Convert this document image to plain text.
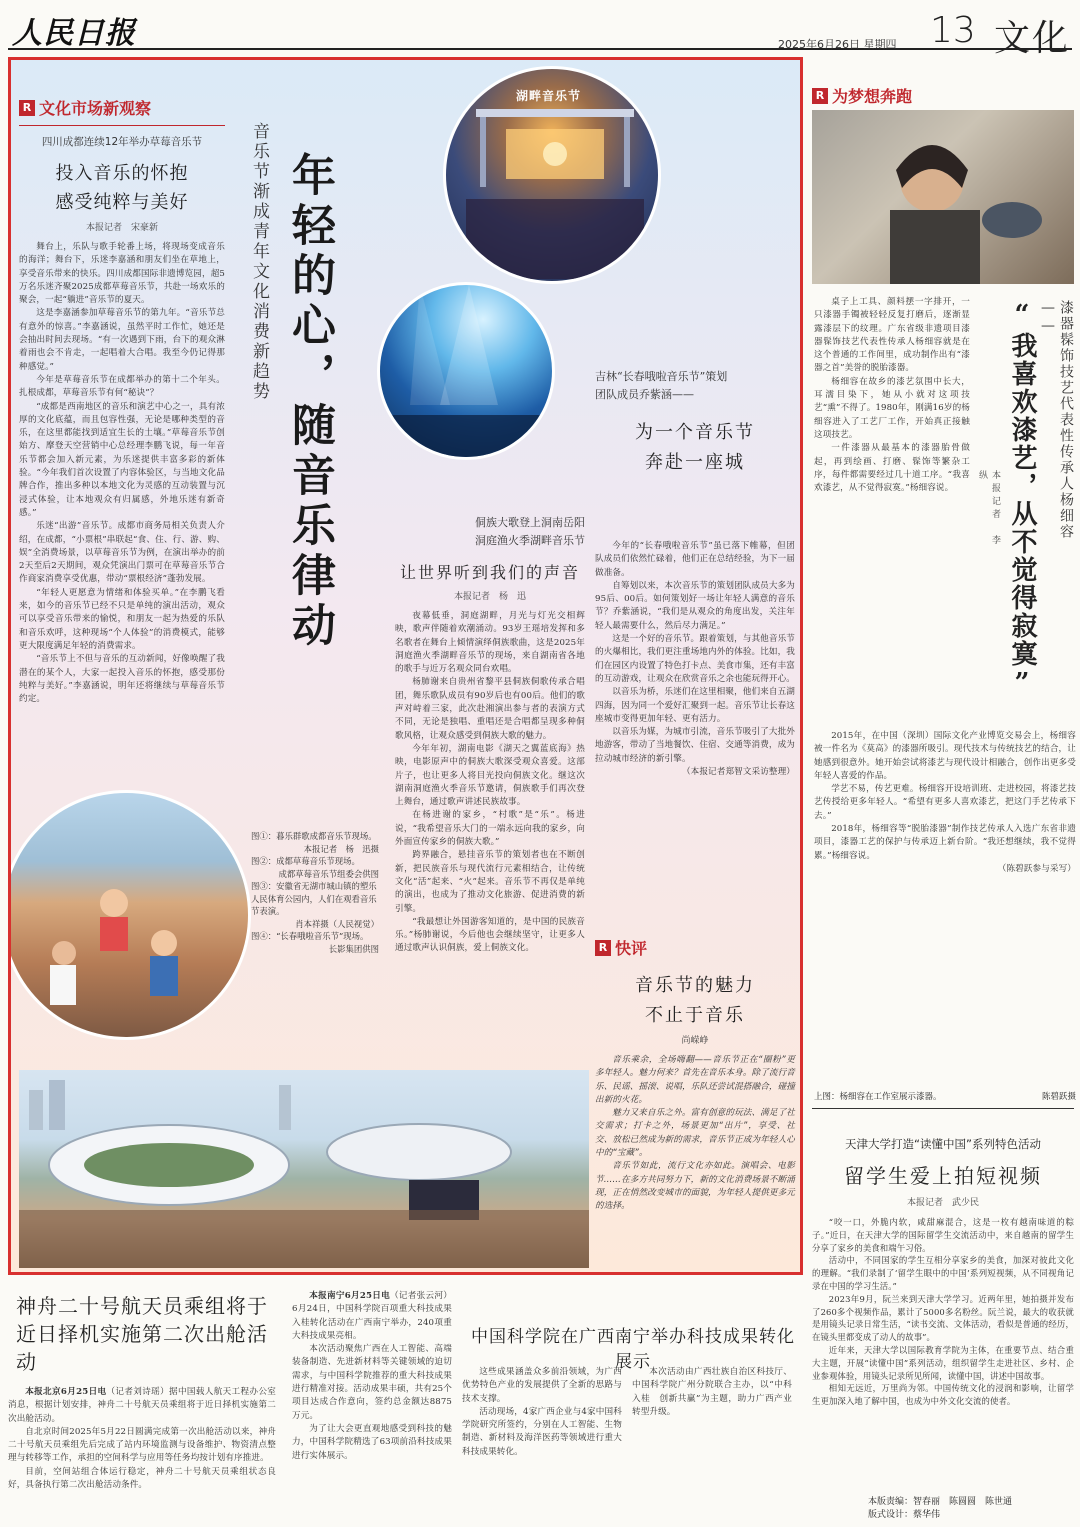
人民日报	2025年6月26日 星期四 13 文化
R 文化市场新观察
四川成都连续12年举办草莓音乐节
投入音乐的怀抱
感受纯粹与美好
本报记者　宋豪新

舞台上，乐队与歌手轮番上场，将现场变成音乐的海洋；舞台下，乐迷李嘉涵和朋友们坐在草地上，享受音乐带来的快乐。四川成都国际非遗博览园，超5万名乐迷齐聚2025成都草莓音乐节，共赴一场欢乐的聚会，一起“躺进”音乐节的夏天。

这是李嘉涵参加草莓音乐节的第九年。“音乐节总有意外的惊喜。”李嘉涵说，虽然平时工作忙，她还是会抽出时间去现场。“有一次遇到下雨，台下的观众淋着雨也会不肯走，一起唱着大合唱。我至今仍记得那种感觉。”

今年是草莓音乐节在成都举办的第十二个年头。扎根成都，草莓音乐节有何“秘诀”？

“成都是西南地区的音乐和演艺中心之一，具有浓厚的文化底蕴，而且包容性强，无论是哪种类型的音乐，在这里都能找到适宜生长的土壤。”草莓音乐节创始方、摩登天空营销中心总经理李鹏飞说，每一年音乐节都会加入新元素，为乐迷提供丰富多彩的新体验。“今年我们首次设置了内容体验区，与当地文化品牌合作，推出多种以本地文化为灵感的互动装置与沉浸式体验，让本地观众有归属感，外地乐迷有新奇感。”

乐迷“出游”音乐节。成都市商务局相关负责人介绍，在成都，“小票根”串联起“食、住、行、游、购、娱”全消费场景，以草莓音乐节为例，在演出举办的前2天至后2天期间，观众凭演出门票可在草莓音乐节合作商家消费享受优惠，带动“票根经济”蓬勃发展。

“年轻人更愿意为情绪和体验买单。”在李鹏飞看来，如今的音乐节已经不只是单纯的演出活动，观众可以享受音乐带来的愉悦，和朋友一起为热爱的乐队和音乐欢呼，这种现场“个人体验”的消费模式，能够更大限度满足年轻的消费需求。

“音乐节上不但与音乐的互动新闻，好像唤醒了我潜在的某个人，大家一起投入音乐的怀抱，感受那份纯粹与美好。”李嘉涵说，明年还将继续与草莓音乐节约定。

音乐节渐成青年文化消费新趋势 年轻的心，随音乐律动
湖畔音乐节
吉林“长春哦啦音乐节”策划
团队成员乔紫涵——
为一个音乐节
奔赴一座城

今年的“长春哦啦音乐节”虽已落下帷幕，但团队成员们依然忙碌着，他们正在总结经验，为下一届做准备。

自筹划以来，本次音乐节的策划团队成员大多为95后、00后。如何策划好一场让年轻人满意的音乐节？乔紫涵说，“我们是从观众的角度出发，关注年轻人最需要什么，然后尽力满足。”

这是一个好的音乐节。跟着策划，与其他音乐节的火爆相比，我们更注重场地内外的体验。比如，我们在园区内设置了特色打卡点、美食市集，还有丰富的互动游戏，让观众在欣赏音乐之余也能玩得开心。

以音乐为桥，乐迷们在这里相聚，他们来自五湖四海，因为同一个爱好汇聚到一起。音乐节让长春这座城市变得更加年轻、更有活力。

以音乐为媒，为城市引流，音乐节吸引了大批外地游客，带动了当地餐饮、住宿、交通等消费，成为拉动城市经济的新引擎。

（本报记者郑智文采访整理）

R 快评
音乐节的魅力
不止于音乐
尚嵘峥

音乐乘余，全场嗨翻——音乐节正在“圈粉”更多年轻人。魅力何来？首先在音乐本身。除了流行音乐、民谣、摇滚、说唱，乐队还尝试混搭融合，碰撞出新的火花。

魅力又来自乐之外。富有创意的玩法、满足了社交需求；打卡之外，场景更加“出片”，享受、社交、放松已然成为新的需求，音乐节正成为年轻人心中的“宝藏”。

音乐节如此，流行文化亦如此。演唱会、电影节……在多方共同努力下，新的文化消费场景不断涌现，正在悄然改变城市的面貌，为年轻人提供更多元的选择。

侗族大歌登上洞南岳阳
洞庭渔火季湖畔音乐节
让世界听到我们的声音
本报记者　杨　迅

夜幕低垂，洞庭湖畔，月光与灯光交相辉映，歌声伴随着欢潮涌动。93岁王瑶培发挥和多名歌者在舞台上倾情演绎侗族歌曲，这是2025年洞庭渔火季湖畔音乐节的现场，来自湖南省各地的歌手与近万名观众同台欢唱。

杨肺谢来自贵州省黎平县侗族侗歌传承合唱团，舞乐歌队成员有90岁后也有00后。他们的歌声对峙着三家，此次赴湘演出参与者的表演方式不同，无论是独唱、重唱还是合唱都呈现多种侗歌风格，让观众感受到侗族大歌的魅力。

今年年初，湖南电影《湖天之翼蓝底海》热映，电影原声中的侗族大歌深受观众喜爱。这部片子，也让更多人将目光投向侗族文化。继这次湖南洞庭渔火季音乐节邀请，侗族歌手们再次登上舞台，通过歌声讲述民族故事。

在杨进谢的家乡，“村歌”是“乐”。杨进说，“我希望音乐大门的一端永远向我的家乡，向外面宣传家乡的侗族大歌。”

跨界融合，悬挂音乐节的策划者也在不断创新，把民族音乐与现代流行元素相结合，让传统文化“活”起来、“火”起来。音乐节不再仅是单纯的演出，也成为了推动文化旅游、促进消费的新引擎。

“我最想让外国游客知道的，是中国的民族音乐。”杨肺谢说，今后他也会继续坚守，让更多人通过歌声认识侗族，爱上侗族文化。

图①：暮乐群歌成都音乐节现场。

本报记者　杨　迅摄

图②：成都草莓音乐节现场。

成都草莓音乐节组委会供图

图③：安徽省无湖市城山镇的塑乐人民体育公园内，人们在观看音乐节表演。

肖本祥摄（人民视觉）

图④：“长春哦啦音乐节”现场。

长影集团供图

R 为梦想奔跑
“我喜欢漆艺，从不觉得寂寞”	漆器髹饰技艺代表性传承人杨细容——
本报记者　李　纵

桌子上工具、颜料摆一字排开，一只漆器手镯被轻轻反复打磨后，逐渐显露漆层下的纹理。广东省级非遗项目漆器髹饰技艺代表性传承人杨细容就是在这个普通的工作间里，成功制作出有“漆器之首”美誉的脱胎漆器。

杨细容在故乡的漆艺氛围中长大，耳濡目染下，她从小就对这项技艺“熏”不得了。1980年，刚满16岁的杨细容进入了工艺厂工作，开始真正接触这项技艺。

一件漆器从最基本的漆器胎骨做起，再到绘画、打磨、髹饰等繁杂工序，每件都需要经过几十道工序。“我喜欢漆艺，从不觉得寂寞。”杨细容说。

2015年，在中国（深圳）国际文化产业博览交易会上，杨细容被一件名为《莫高》的漆器所吸引。现代技术与传统技艺的结合，让她感到很意外。她开始尝试将漆艺与现代设计相融合，创作出更多受年轻人喜爱的作品。

学艺不易，传艺更难。杨细容开设培训班、走进校园，将漆艺技艺传授给更多年轻人。“希望有更多人喜欢漆艺，把这门手艺传承下去。”

2018年，杨细容等“脱胎漆器”制作技艺传承人入选广东省非遗项目，漆器工艺的保护与传承迈上新台阶。“我还想继续，我不觉得累。”杨细容说。

（陈碧跃参与采写）

上图：杨细容在工作室展示漆器。	陈碧跃摄
天津大学打造“读懂中国”系列特色活动
留学生爱上拍短视频
本报记者　武少民

“咬一口，外脆内软，咸甜麻混合，这是一枚有越南味道的粽子。”近日，在天津大学的国际留学生交流活动中，来自越南的留学生分享了家乡的美食和端午习俗。

活动中，不同国家的学生互相分享家乡的美食，加深对彼此文化的理解。“我们录制了‘留学生眼中的中国’系列短视频，从不同视角记录在中国的学习生活。”

2023年9月，阮兰来到天津大学学习。近两年里，她拍摄并发布了260多个视频作品，累计了5000多名粉丝。阮兰说，最大的收获就是用镜头记录日常生活，“读书交流、文体活动，看似是普通的经历，在镜头里都变成了动人的故事”。

近年来，天津大学以国际教育学院为主体，在重要节点、结合重大主题，开展“读懂中国”系列活动，组织留学生走进社区、乡村、企业参观体验，用镜头记录所见所闻，读懂中国，讲述中国故事。

相知无远近，万里尚为邻。中国传统文化的浸润和影响，让留学生更加深入地了解中国，也成为中外文化交流的使者。

神舟二十号航天员乘组将于
近日择机实施第二次出舱活动

本报北京6月25日电（记者刘诗瑶）据中国载人航天工程办公室消息，根据计划安排，神舟二十号航天员乘组将于近日择机实施第二次出舱活动。

自北京时间2025年5月22日圆满完成第一次出舱活动以来，神舟二十号航天员乘组先后完成了站内环境监测与设备维护、物资清点整理与转移等工作，承担的空间科学与应用等任务均按计划有序推进。

目前，空间站组合体运行稳定，神舟二十号航天员乘组状态良好，具备执行第二次出舱活动条件。

本报南宁6月25日电（记者张云河）6月24日，中国科学院百项重大科技成果入桂转化活动在广西南宁举办，240项重大科技成果亮相。

本次活动聚焦广西在人工智能、高端装备制造、先进新材料等关键领域的迫切需求，与中国科学院推荐的重大科技成果进行精准对接。活动成果丰硕，共有25个项目达成合作意向，签约总金额达8875万元。

为了让大会更直观地感受到科技的魅力，中国科学院精选了63项前沿科技成果进行实体展示。

中国科学院在广西南宁举办科技成果转化展示

这些成果涵盖众多前沿领域，为广西优势特色产业的发展提供了全新的思路与技术支撑。

活动现场，4家广西企业与4家中国科学院研究所签约，分别在人工智能、生物制造、新材料及海洋医药等领域进行重大科技成果转化。

本次活动由广西壮族自治区科技厅、中国科学院广州分院联合主办，以“中科入桂　创新共赢”为主题，助力广西产业转型升级。

本版责编：智春丽　陈圆圆　陈世通
版式设计：蔡华伟
